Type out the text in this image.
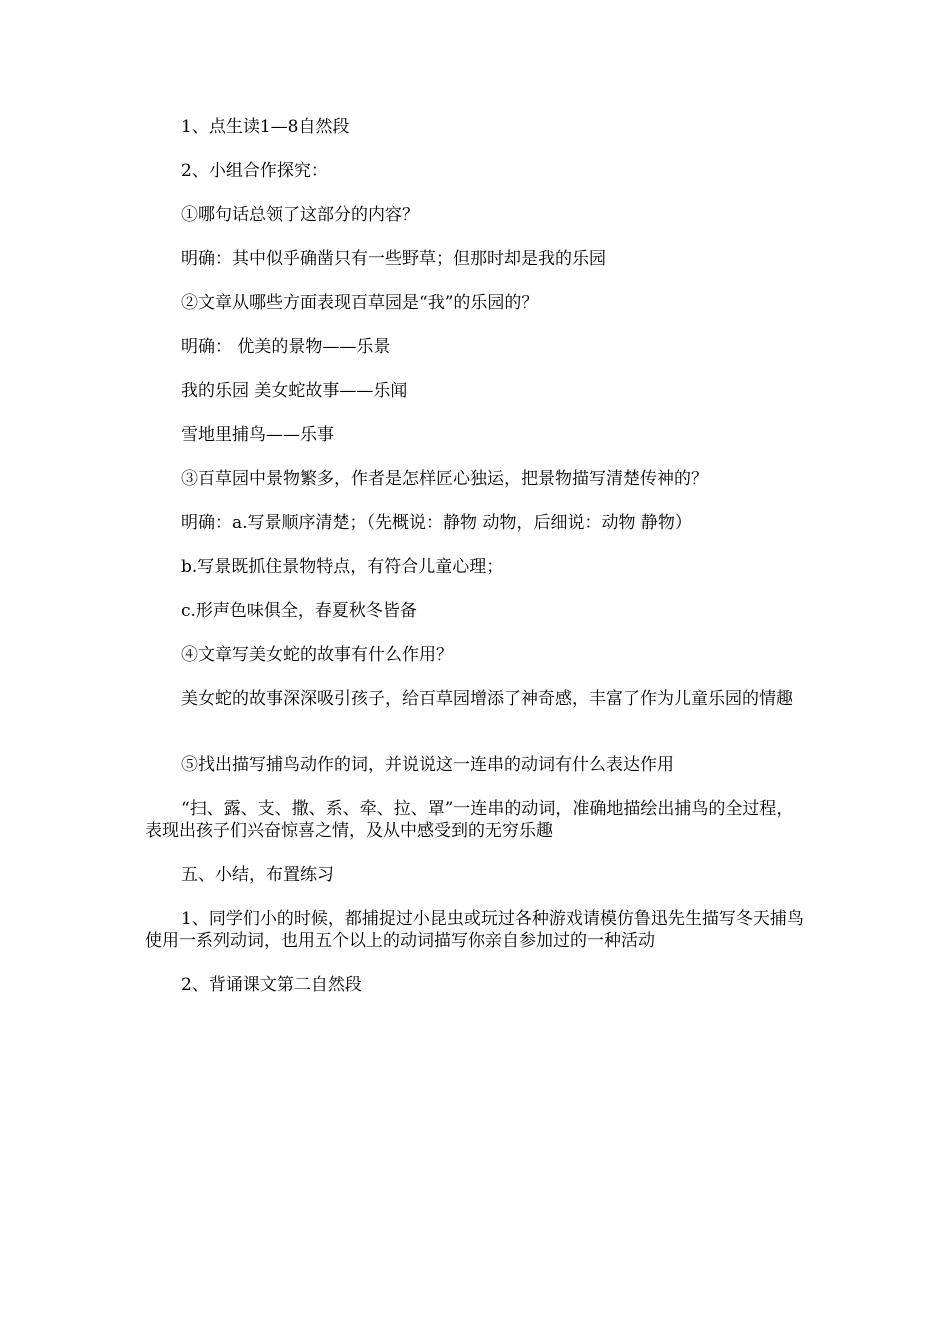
1、点生读1—8自然段
2、小组合作探究：
①哪句话总领了这部分的内容？
明确：其中似乎确凿只有一些野草；但那时却是我的乐园
②文章从哪些方面表现百草园是“我”的乐园的？
明确： 优美的景物——乐景
我的乐园 美女蛇故事——乐闻
雪地里捕鸟——乐事
③百草园中景物繁多，作者是怎样匠心独运，把景物描写清楚传神的？
明确：a.写景顺序清楚；（先概说：静物 动物，后细说：动物 静物）
b.写景既抓住景物特点，有符合儿童心理；
c.形声色味俱全，春夏秋冬皆备
④文章写美女蛇的故事有什么作用？
美女蛇的故事深深吸引孩子，给百草园增添了神奇感，丰富了作为儿童乐园的情趣
⑤找出描写捕鸟动作的词，并说说这一连串的动词有什么表达作用
“扫、露、支、撒、系、牵、拉、罩”一连串的动词，准确地描绘出捕鸟的全过程，表现出孩子们兴奋惊喜之情，及从中感受到的无穷乐趣
五、小结，布置练习
1、同学们小的时候，都捕捉过小昆虫或玩过各种游戏请模仿鲁迅先生描写冬天捕鸟使用一系列动词，也用五个以上的动词描写你亲自参加过的一种活动
2、背诵课文第二自然段
